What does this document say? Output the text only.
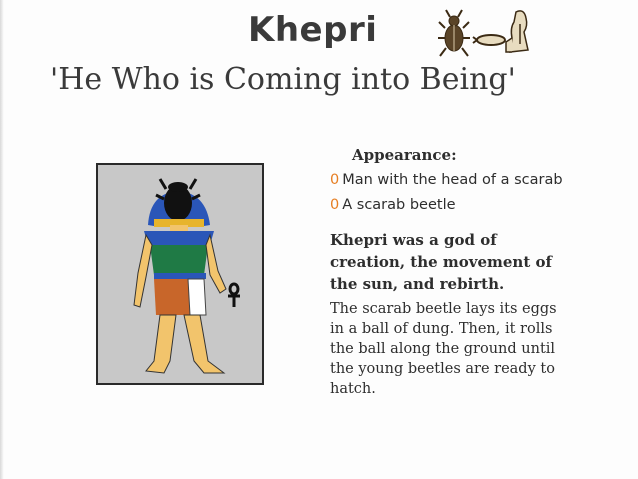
Khepri
'He Who is Coming into Being'
Appearance:
0 Man with the head of a scarab
0 A scarab beetle
Khepri was a god of creation, the movement of the sun, and rebirth.
The scarab beetle lays its eggs in a ball of dung. Then, it rolls the ball along the ground until the young beetles are ready to hatch.
